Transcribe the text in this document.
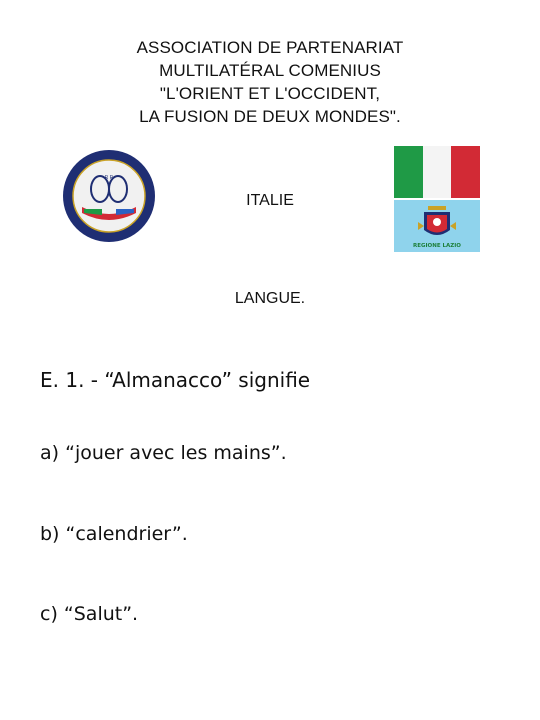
ASSOCIATION DE PARTENARIAT
MULTILATÉRAL COMENIUS
"L'ORIENT ET L'OCCIDENT,
LA FUSION DE DEUX MONDES".
R R
ITALIE
REGIONE LAZIO
LANGUE.
E. 1. - “Almanacco” signifie
a) “jouer avec les mains”.
b) “calendrier”.
c) “Salut”.
